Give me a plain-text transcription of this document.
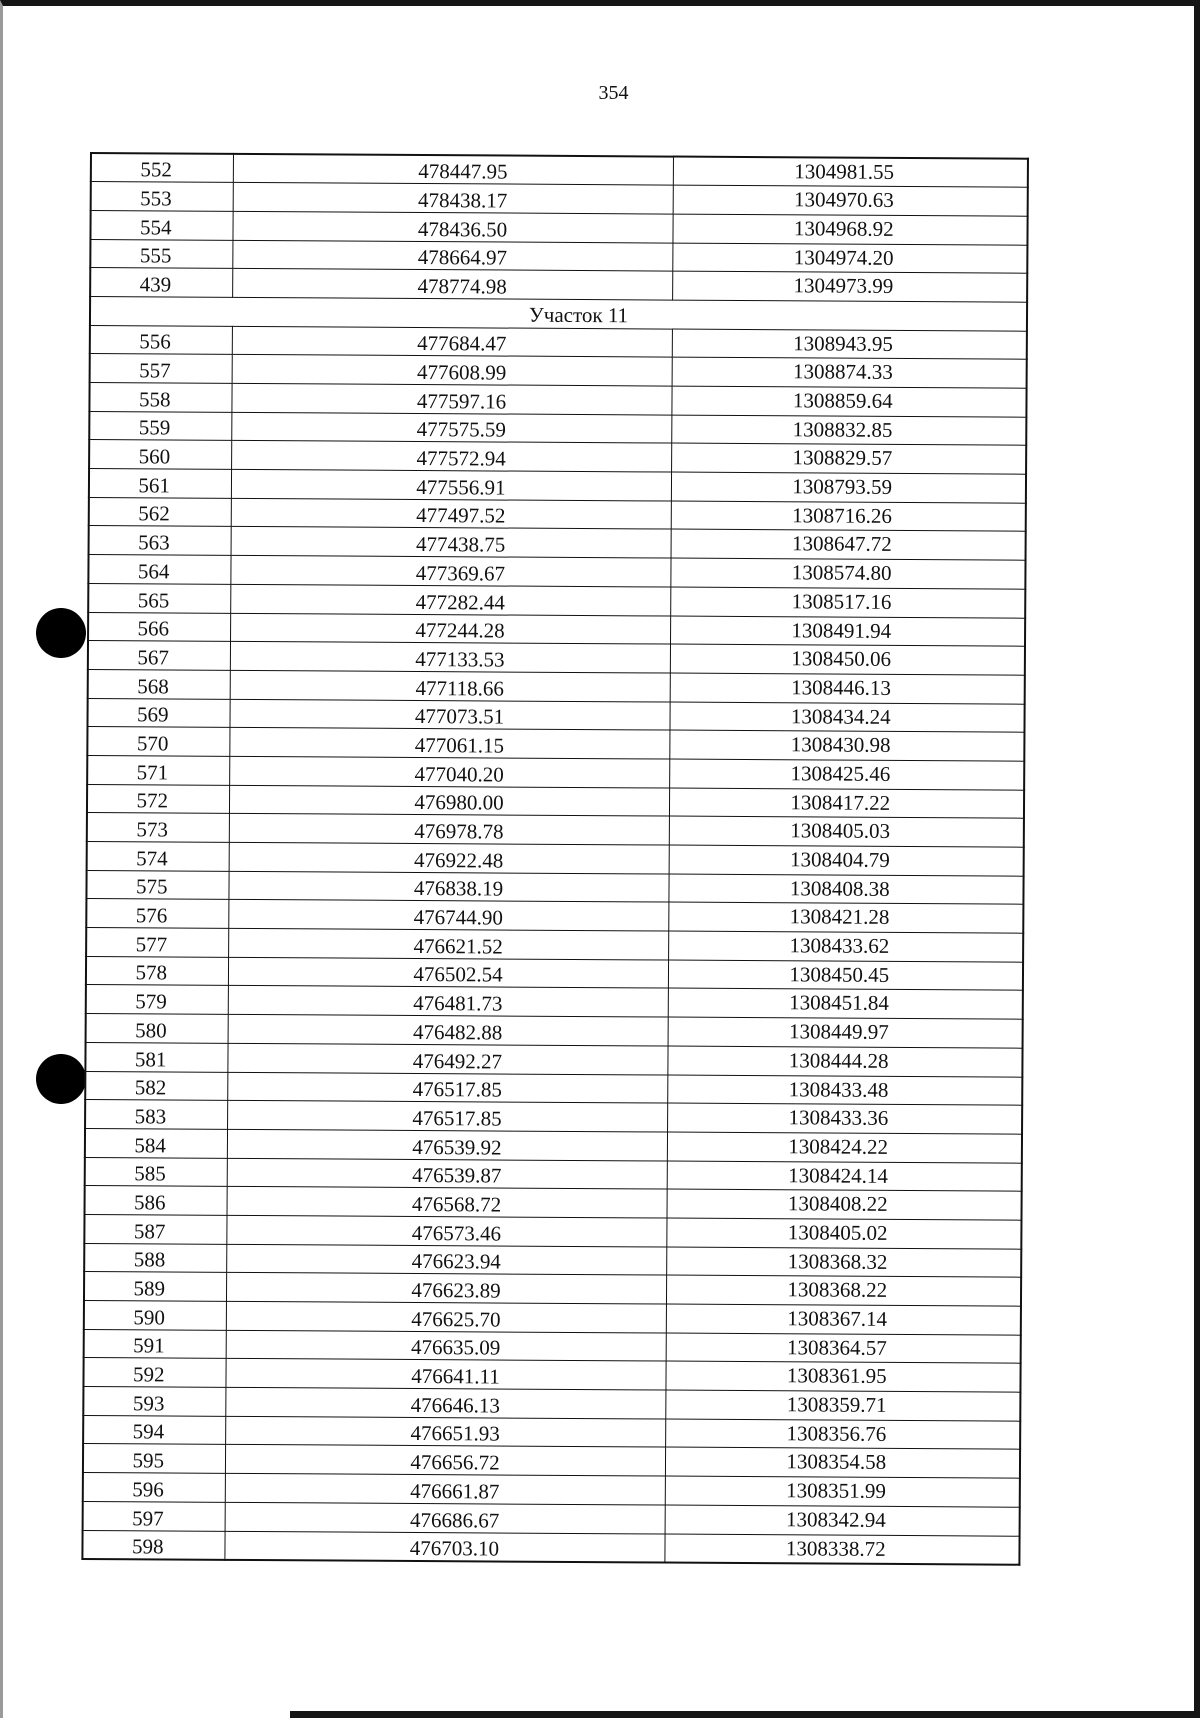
354
552	478447.95	1304981.55
553	478438.17	1304970.63
554	478436.50	1304968.92
555	478664.97	1304974.20
439	478774.98	1304973.99
Участок 11		
556	477684.47	1308943.95
557	477608.99	1308874.33
558	477597.16	1308859.64
559	477575.59	1308832.85
560	477572.94	1308829.57
561	477556.91	1308793.59
562	477497.52	1308716.26
563	477438.75	1308647.72
564	477369.67	1308574.80
565	477282.44	1308517.16
566	477244.28	1308491.94
567	477133.53	1308450.06
568	477118.66	1308446.13
569	477073.51	1308434.24
570	477061.15	1308430.98
571	477040.20	1308425.46
572	476980.00	1308417.22
573	476978.78	1308405.03
574	476922.48	1308404.79
575	476838.19	1308408.38
576	476744.90	1308421.28
577	476621.52	1308433.62
578	476502.54	1308450.45
579	476481.73	1308451.84
580	476482.88	1308449.97
581	476492.27	1308444.28
582	476517.85	1308433.48
583	476517.85	1308433.36
584	476539.92	1308424.22
585	476539.87	1308424.14
586	476568.72	1308408.22
587	476573.46	1308405.02
588	476623.94	1308368.32
589	476623.89	1308368.22
590	476625.70	1308367.14
591	476635.09	1308364.57
592	476641.11	1308361.95
593	476646.13	1308359.71
594	476651.93	1308356.76
595	476656.72	1308354.58
596	476661.87	1308351.99
597	476686.67	1308342.94
598	476703.10	1308338.72
